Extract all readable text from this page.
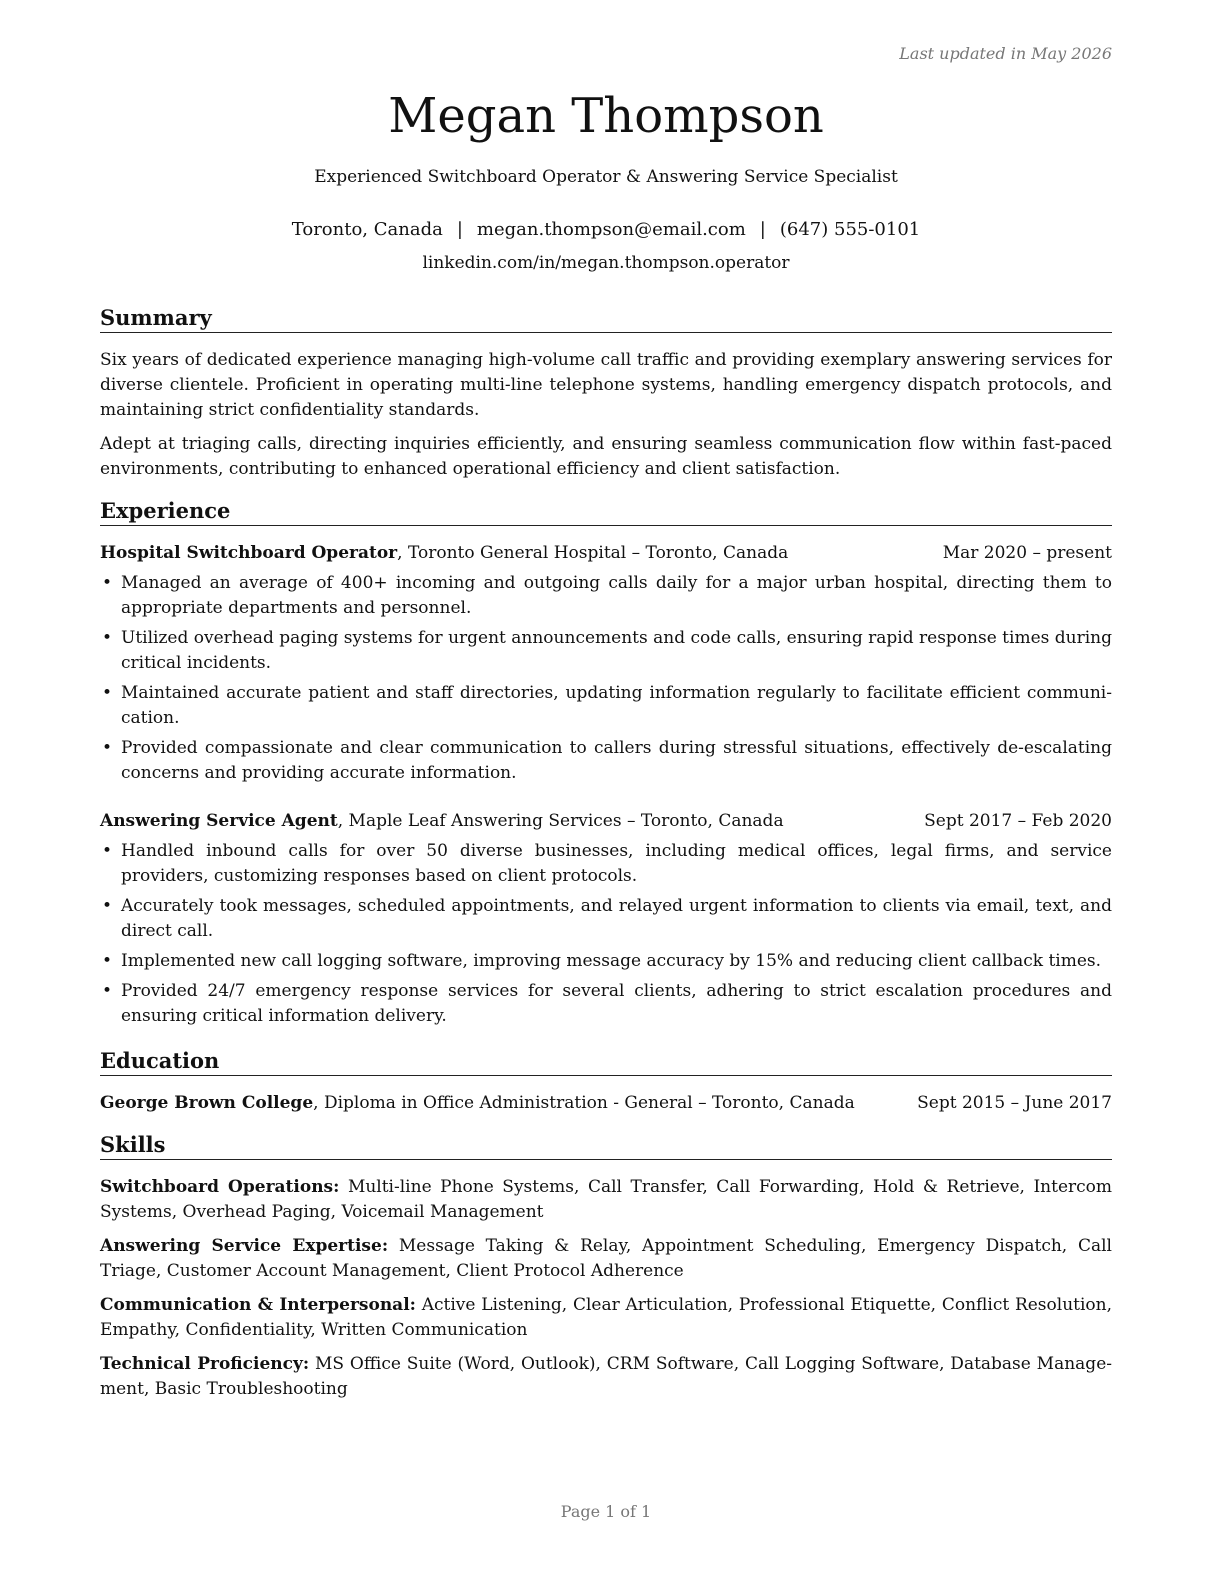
Last updated in May 2026
Megan Thompson
Experienced Switchboard Operator & Answering Service Specialist
Toronto, Canada | megan.thompson@email.com | (647) 555-0101
linkedin.com/in/megan.thompson.operator
Summary
Six years of dedicated experience managing high-volume call traffic and providing exemplary answering services for diverse clientele. Proficient in operating multi-line telephone systems, handling emergency dispatch protocols, and maintaining strict confidentiality standards.
Adept at triaging calls, directing inquiries efficiently, and ensuring seamless communication flow within fast-paced environments, contributing to enhanced operational efficiency and client satisfaction.
Experience
Hospital Switchboard Operator, Toronto General Hospital – Toronto, Canada	Mar 2020 – present
• Managed an average of 400+ incoming and outgoing calls daily for a major urban hospital, directing them to appropriate departments and personnel.
• Utilized overhead paging systems for urgent announcements and code calls, ensuring rapid response times during critical incidents.
• Maintained accurate patient and staff directories, updating information regularly to facilitate efficient communication.
• Provided compassionate and clear communication to callers during stressful situations, effectively de-escalating concerns and providing accurate information.
Answering Service Agent, Maple Leaf Answering Services – Toronto, Canada	Sept 2017 – Feb 2020
• Handled inbound calls for over 50 diverse businesses, including medical offices, legal firms, and service providers, customizing responses based on client protocols.
• Accurately took messages, scheduled appointments, and relayed urgent information to clients via email, text, and direct call.
• Implemented new call logging software, improving message accuracy by 15% and reducing client callback times.
• Provided 24/7 emergency response services for several clients, adhering to strict escalation procedures and ensuring critical information delivery.
Education
George Brown College, Diploma in Office Administration - General – Toronto, Canada	Sept 2015 – June 2017
Skills
Switchboard Operations: Multi-line Phone Systems, Call Transfer, Call Forwarding, Hold & Retrieve, Intercom Systems, Overhead Paging, Voicemail Management
Answering Service Expertise: Message Taking & Relay, Appointment Scheduling, Emergency Dispatch, Call Triage, Customer Account Management, Client Protocol Adherence
Communication & Interpersonal: Active Listening, Clear Articulation, Professional Etiquette, Conflict Resolution, Empathy, Confidentiality, Written Communication
Technical Proficiency: MS Office Suite (Word, Outlook), CRM Software, Call Logging Software, Database Management, Basic Troubleshooting
Page 1 of 1
